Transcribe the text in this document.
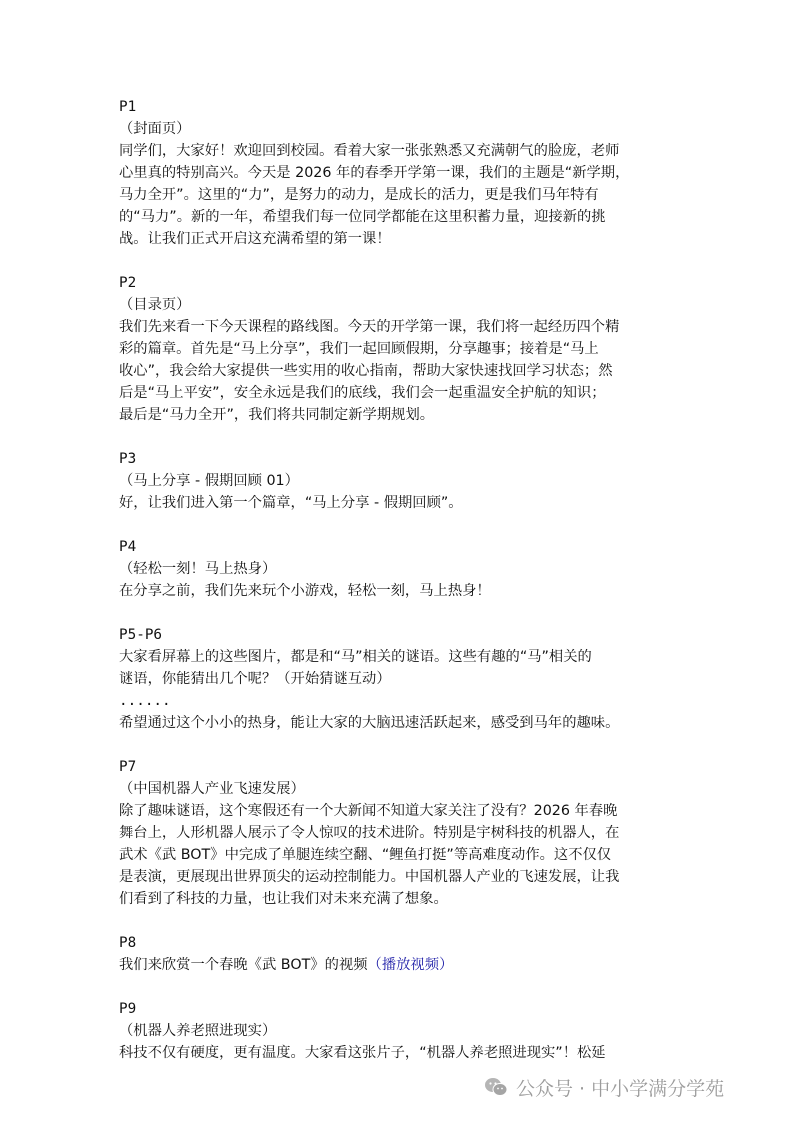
P1
（封面页）
同学们，大家好！欢迎回到校园。看着大家一张张熟悉又充满朝气的脸庞，老师
心里真的特别高兴。今天是 2026 年的春季开学第一课，我们的主题是“新学期，
马力全开”。这里的“力”，是努力的动力，是成长的活力，更是我们马年特有
的“马力”。新的一年，希望我们每一位同学都能在这里积蓄力量，迎接新的挑
战。让我们正式开启这充满希望的第一课！
P2
（目录页）
我们先来看一下今天课程的路线图。今天的开学第一课，我们将一起经历四个精
彩的篇章。首先是“马上分享”，我们一起回顾假期，分享趣事；接着是“马上
收心”，我会给大家提供一些实用的收心指南，帮助大家快速找回学习状态；然
后是“马上平安”，安全永远是我们的底线，我们会一起重温安全护航的知识；
最后是“马力全开”，我们将共同制定新学期规划。
P3
（马上分享 - 假期回顾 01）
好，让我们进入第一个篇章，“马上分享 - 假期回顾”。
P4
（轻松一刻！马上热身）
在分享之前，我们先来玩个小游戏，轻松一刻，马上热身！
P5-P6
大家看屏幕上的这些图片，都是和“马”相关的谜语。这些有趣的“马”相关的
谜语，你能猜出几个呢？（开始猜谜互动）
......
希望通过这个小小的热身，能让大家的大脑迅速活跃起来，感受到马年的趣味。
P7
（中国机器人产业飞速发展）
除了趣味谜语，这个寒假还有一个大新闻不知道大家关注了没有？2026 年春晚
舞台上，人形机器人展示了令人惊叹的技术进阶。特别是宇树科技的机器人，在
武术《武 BOT》中完成了单腿连续空翻、“鲤鱼打挺”等高难度动作。这不仅仅
是表演，更展现出世界顶尖的运动控制能力。中国机器人产业的飞速发展，让我
们看到了科技的力量，也让我们对未来充满了想象。
P8
我们来欣赏一个春晚《武 BOT》的视频（播放视频）
P9
（机器人养老照进现实）
科技不仅有硬度，更有温度。大家看这张片子，“机器人养老照进现实”！松延
公众号 · 中小学满分学苑
